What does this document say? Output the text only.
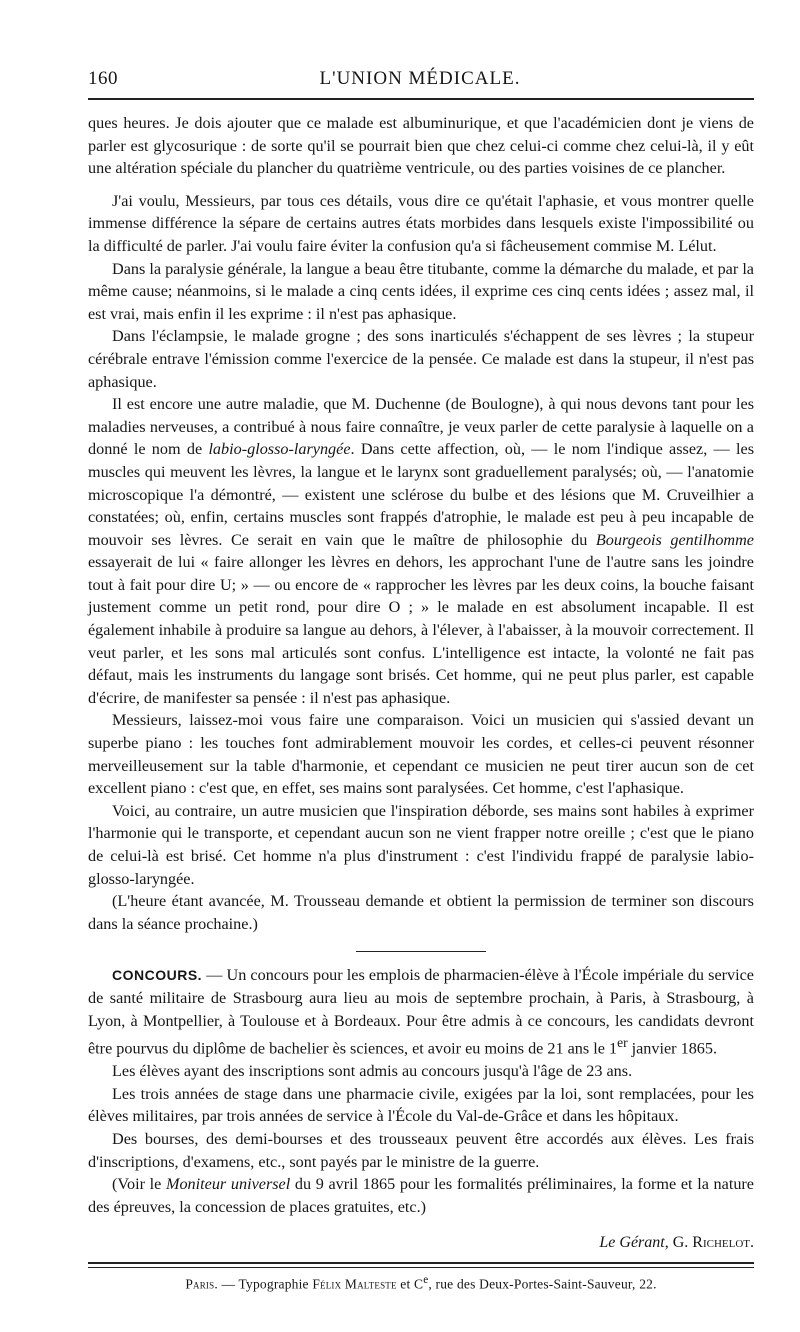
160	L'UNION MÉDICALE.

ques heures. Je dois ajouter que ce malade est albuminurique, et que l'académicien dont je viens de parler est glycosurique : de sorte qu'il se pourrait bien que chez celui-ci comme chez celui-là, il y eût une altération spéciale du plancher du quatrième ventricule, ou des parties voisines de ce plancher.

J'ai voulu, Messieurs, par tous ces détails, vous dire ce qu'était l'aphasie, et vous montrer quelle immense différence la sépare de certains autres états morbides dans lesquels existe l'impossibilité ou la difficulté de parler. J'ai voulu faire éviter la confusion qu'a si fâcheusement commise M. Lélut.

Dans la paralysie générale, la langue a beau être titubante, comme la démarche du malade, et par la même cause; néanmoins, si le malade a cinq cents idées, il exprime ces cinq cents idées ; assez mal, il est vrai, mais enfin il les exprime : il n'est pas aphasique.

Dans l'éclampsie, le malade grogne ; des sons inarticulés s'échappent de ses lèvres ; la stupeur cérébrale entrave l'émission comme l'exercice de la pensée. Ce malade est dans la stupeur, il n'est pas aphasique.

Il est encore une autre maladie, que M. Duchenne (de Boulogne), à qui nous devons tant pour les maladies nerveuses, a contribué à nous faire connaître, je veux parler de cette paralysie à laquelle on a donné le nom de labio-glosso-laryngée. Dans cette affection, où, — le nom l'indique assez, — les muscles qui meuvent les lèvres, la langue et le larynx sont graduellement paralysés; où, — l'anatomie microscopique l'a démontré, — existent une sclérose du bulbe et des lésions que M. Cruveilhier a constatées; où, enfin, certains muscles sont frappés d'atrophie, le malade est peu à peu incapable de mouvoir ses lèvres. Ce serait en vain que le maître de philosophie du Bourgeois gentilhomme essayerait de lui « faire allonger les lèvres en dehors, les approchant l'une de l'autre sans les joindre tout à fait pour dire U; » — ou encore de « rapprocher les lèvres par les deux coins, la bouche faisant justement comme un petit rond, pour dire O ; » le malade en est absolument incapable. Il est également inhabile à produire sa langue au dehors, à l'élever, à l'abaisser, à la mouvoir correctement. Il veut parler, et les sons mal articulés sont confus. L'intelligence est intacte, la volonté ne fait pas défaut, mais les instruments du langage sont brisés. Cet homme, qui ne peut plus parler, est capable d'écrire, de manifester sa pensée : il n'est pas aphasique.

Messieurs, laissez-moi vous faire une comparaison. Voici un musicien qui s'assied devant un superbe piano : les touches font admirablement mouvoir les cordes, et celles-ci peuvent résonner merveilleusement sur la table d'harmonie, et cependant ce musicien ne peut tirer aucun son de cet excellent piano : c'est que, en effet, ses mains sont paralysées. Cet homme, c'est l'aphasique.

Voici, au contraire, un autre musicien que l'inspiration déborde, ses mains sont habiles à exprimer l'harmonie qui le transporte, et cependant aucun son ne vient frapper notre oreille ; c'est que le piano de celui-là est brisé. Cet homme n'a plus d'instrument : c'est l'individu frappé de paralysie labio-glosso-laryngée.

(L'heure étant avancée, M. Trousseau demande et obtient la permission de terminer son discours dans la séance prochaine.)

CONCOURS. — Un concours pour les emplois de pharmacien-élève à l'École impériale du service de santé militaire de Strasbourg aura lieu au mois de septembre prochain, à Paris, à Strasbourg, à Lyon, à Montpellier, à Toulouse et à Bordeaux. Pour être admis à ce concours, les candidats devront être pourvus du diplôme de bachelier ès sciences, et avoir eu moins de 21 ans le 1er janvier 1865.

Les élèves ayant des inscriptions sont admis au concours jusqu'à l'âge de 23 ans.

Les trois années de stage dans une pharmacie civile, exigées par la loi, sont remplacées, pour les élèves militaires, par trois années de service à l'École du Val-de-Grâce et dans les hôpitaux.

Des bourses, des demi-bourses et des trousseaux peuvent être accordés aux élèves. Les frais d'inscriptions, d'examens, etc., sont payés par le ministre de la guerre.

(Voir le Moniteur universel du 9 avril 1865 pour les formalités préliminaires, la forme et la nature des épreuves, la concession de places gratuites, etc.)

Le Gérant, G. Richelot.
Paris. — Typographie Félix Malteste et Ce, rue des Deux-Portes-Saint-Sauveur, 22.
